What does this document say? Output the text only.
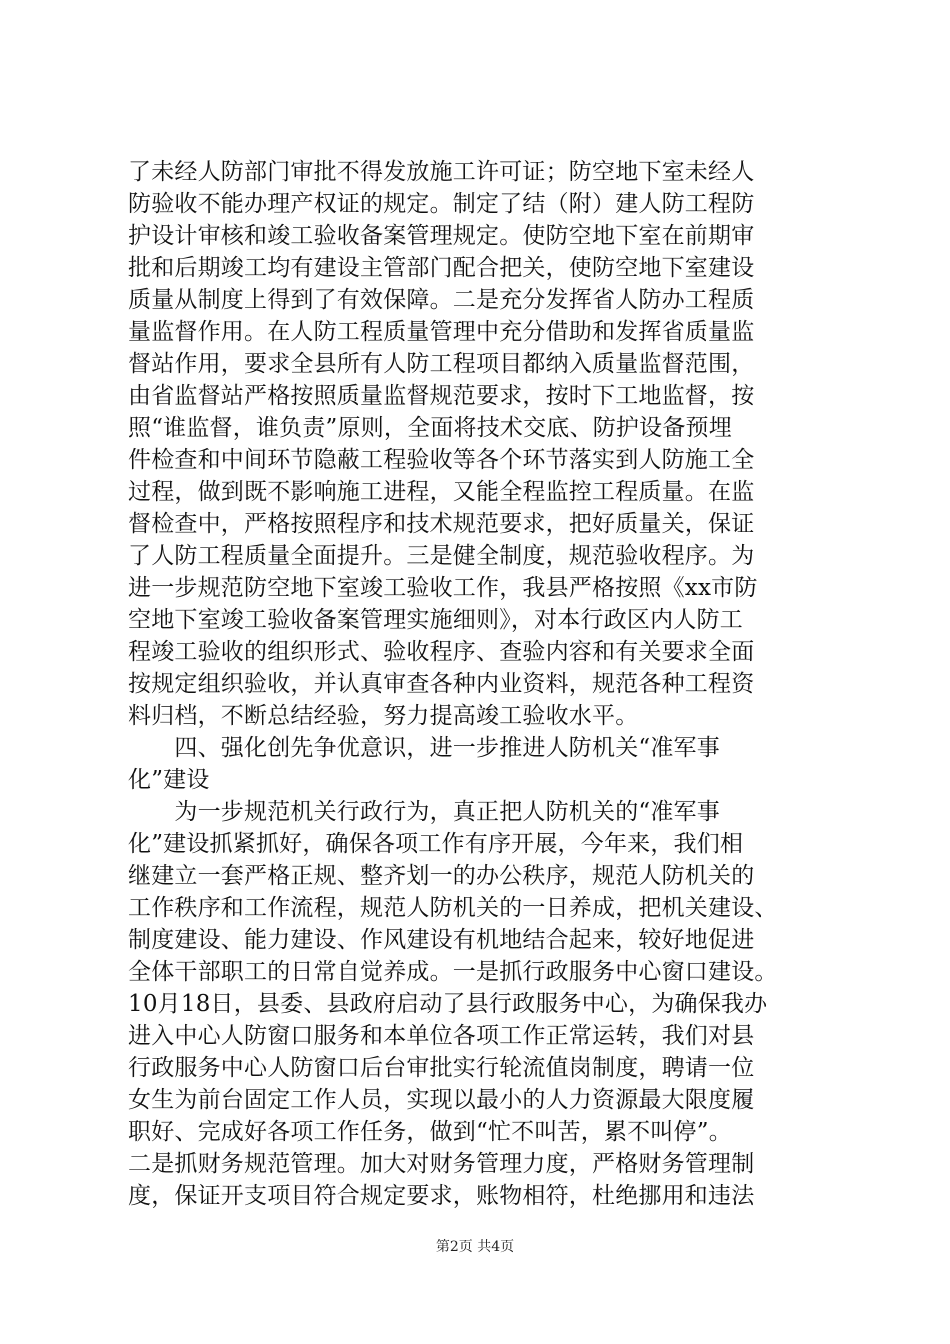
了未经人防部门审批不得发放施工许可证；防空地下室未经人
防验收不能办理产权证的规定。制定了结（附）建人防工程防
护设计审核和竣工验收备案管理规定。使防空地下室在前期审
批和后期竣工均有建设主管部门配合把关，使防空地下室建设
质量从制度上得到了有效保障。二是充分发挥省人防办工程质
量监督作用。在人防工程质量管理中充分借助和发挥省质量监
督站作用，要求全县所有人防工程项目都纳入质量监督范围，
由省监督站严格按照质量监督规范要求，按时下工地监督，按
照“谁监督，谁负责”原则，全面将技术交底、防护设备预埋
件检查和中间环节隐蔽工程验收等各个环节落实到人防施工全
过程，做到既不影响施工进程，又能全程监控工程质量。在监
督检查中，严格按照程序和技术规范要求，把好质量关，保证
了人防工程质量全面提升。三是健全制度，规范验收程序。为
进一步规范防空地下室竣工验收工作，我县严格按照《xx市防
空地下室竣工验收备案管理实施细则》，对本行政区内人防工
程竣工验收的组织形式、验收程序、查验内容和有关要求全面
按规定组织验收，并认真审查各种内业资料，规范各种工程资
料归档，不断总结经验，努力提高竣工验收水平。
　　四、强化创先争优意识，进一步推进人防机关“准军事
化”建设
　　为一步规范机关行政行为，真正把人防机关的“准军事
化”建设抓紧抓好，确保各项工作有序开展，今年来，我们相
继建立一套严格正规、整齐划一的办公秩序，规范人防机关的
工作秩序和工作流程，规范人防机关的一日养成，把机关建设、
制度建设、能力建设、作风建设有机地结合起来，较好地促进
全体干部职工的日常自觉养成。一是抓行政服务中心窗口建设。
10月18日，县委、县政府启动了县行政服务中心，为确保我办
进入中心人防窗口服务和本单位各项工作正常运转，我们对县
行政服务中心人防窗口后台审批实行轮流值岗制度，聘请一位
女生为前台固定工作人员，实现以最小的人力资源最大限度履
职好、完成好各项工作任务，做到“忙不叫苦，累不叫停”。
二是抓财务规范管理。加大对财务管理力度，严格财务管理制
度，保证开支项目符合规定要求，账物相符，杜绝挪用和违法
第2页 共4页
